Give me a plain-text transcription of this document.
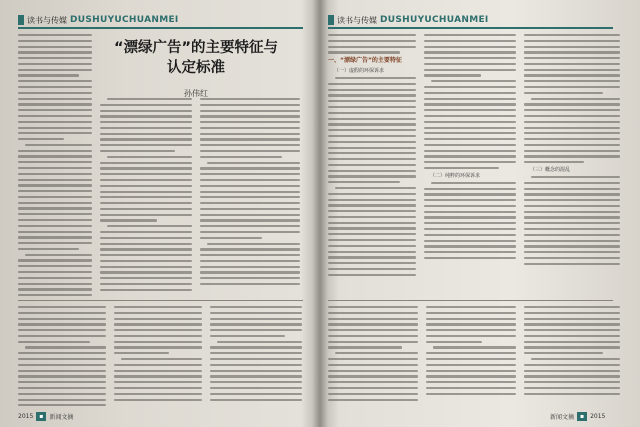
读书与传媒 DUSHUYUCHUANMEI
“漂绿广告”的主要特征与
认定标准
孙伟红
2015	▪	新闻文摘
读书与传媒 DUSHUYUCHUANMEI
一、“漂绿广告”的主要特征
（一）虚假的环保诉求
（二）纯粹的环保诉求
（三）概念的混乱
新闻文摘	▪	2015
